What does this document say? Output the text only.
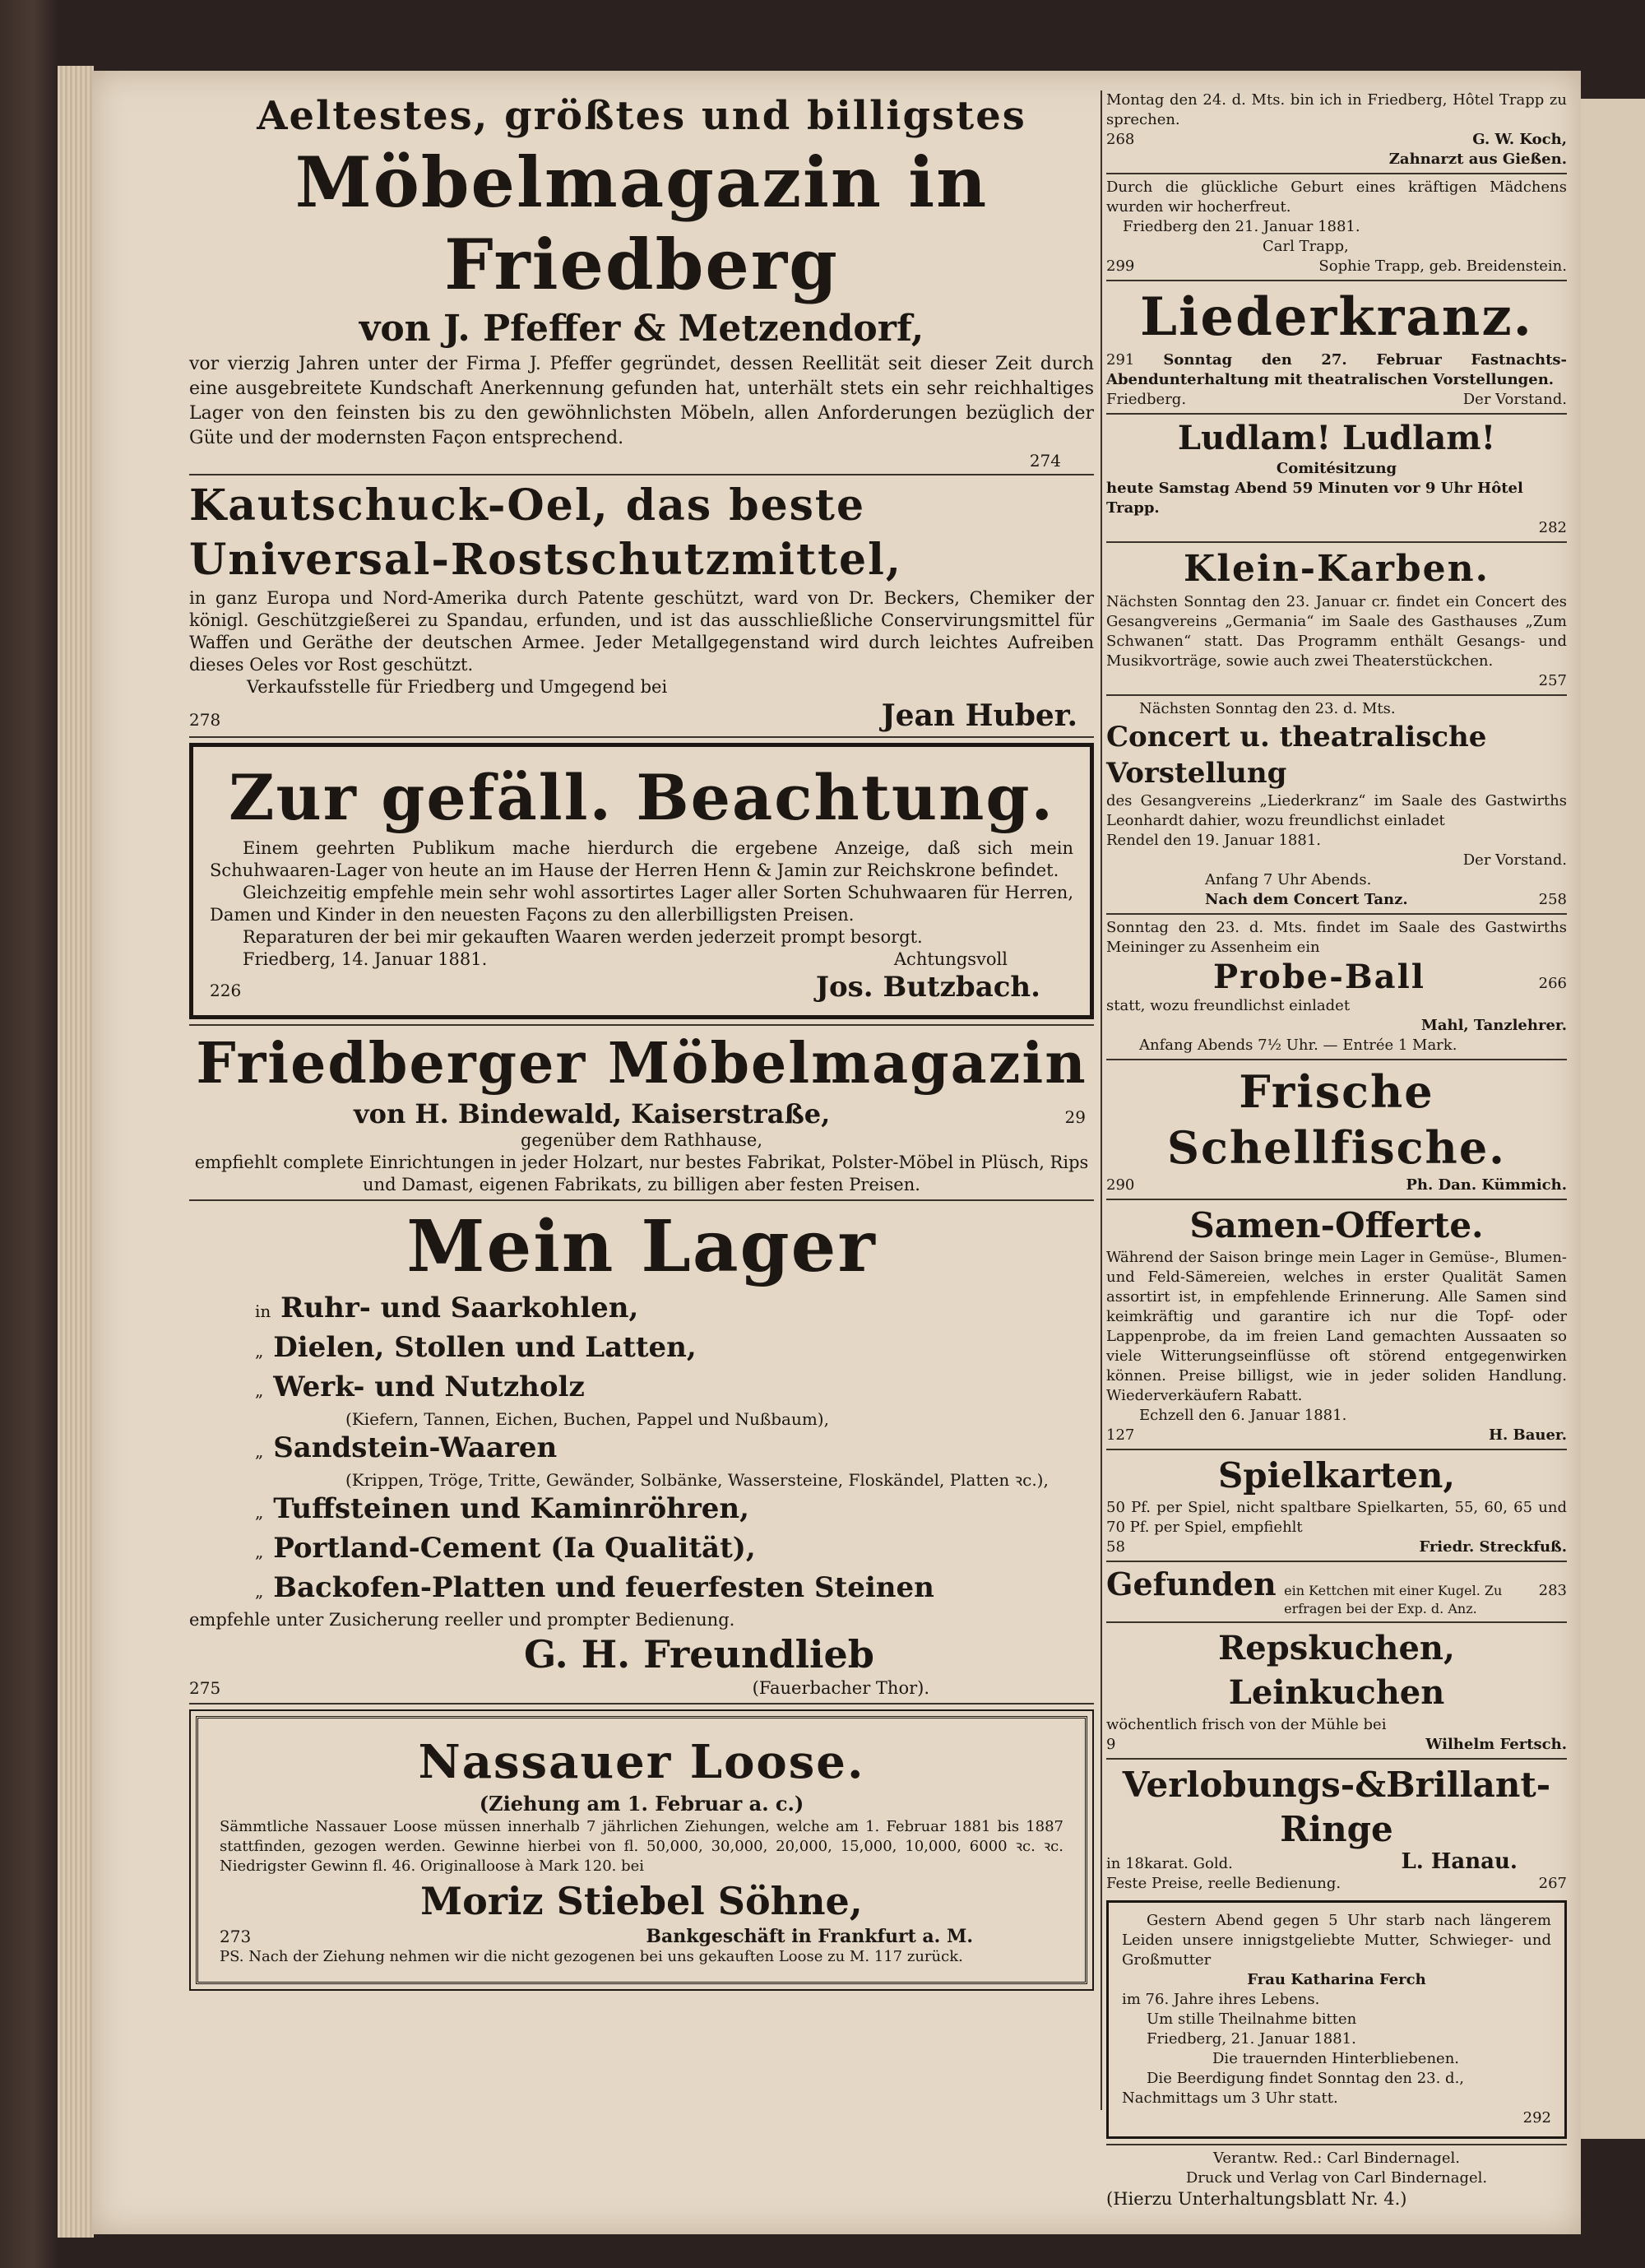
Aeltestes, größtes und billigstes
Möbelmagazin in Friedberg
von J. Pfeffer & Metzendorf,
vor vierzig Jahren unter der Firma J. Pfeffer gegründet, dessen Reellität seit dieser Zeit durch eine ausgebreitete Kundschaft Anerkennung gefunden hat, unterhält stets ein sehr reichhaltiges Lager von den feinsten bis zu den gewöhnlichsten Möbeln, allen Anforderungen bezüglich der Güte und der modernsten Façon entsprechend.
274
Kautschuck-Oel, das beste Universal-Rostschutzmittel,
in ganz Europa und Nord-Amerika durch Patente geschützt, ward von Dr. Beckers, Chemiker der königl. Geschützgießerei zu Spandau, erfunden, und ist das ausschließliche Conservirungsmittel für Waffen und Geräthe der deutschen Armee. Jeder Metallgegenstand wird durch leichtes Aufreiben dieses Oeles vor Rost geschützt.
Verkaufsstelle für Friedberg und Umgegend bei
278	Jean Huber.
Zur gefäll. Beachtung.
Einem geehrten Publikum mache hierdurch die ergebene Anzeige, daß sich mein Schuhwaaren-Lager von heute an im Hause der Herren Henn & Jamin zur Reichskrone befindet.
Gleichzeitig empfehle mein sehr wohl assortirtes Lager aller Sorten Schuhwaaren für Herren, Damen und Kinder in den neuesten Façons zu den allerbilligsten Preisen.
Reparaturen der bei mir gekauften Waaren werden jederzeit prompt besorgt.
Friedberg, 14. Januar 1881.	Achtungsvoll
226	Jos. Butzbach.
Friedberger Möbelmagazin
von H. Bindewald, Kaiserstraße,	29
gegenüber dem Rathhause,
empfiehlt complete Einrichtungen in jeder Holzart, nur bestes Fabrikat, Polster-Möbel in Plüsch, Rips und Damast, eigenen Fabrikats, zu billigen aber festen Preisen.
Mein Lager
in Ruhr- und Saarkohlen,
„ Dielen, Stollen und Latten,
„ Werk- und Nutzholz
(Kiefern, Tannen, Eichen, Buchen, Pappel und Nußbaum),
„ Sandstein-Waaren
(Krippen, Tröge, Tritte, Gewänder, Solbänke, Wassersteine, Floskändel, Platten ꝛc.),
„ Tuffsteinen und Kaminröhren,
„ Portland-Cement (Ia Qualität),
„ Backofen-Platten und feuerfesten Steinen
empfehle unter Zusicherung reeller und prompter Bedienung.
G. H. Freundlieb
275	(Fauerbacher Thor).
Nassauer Loose.
(Ziehung am 1. Februar a. c.)
Sämmtliche Nassauer Loose müssen innerhalb 7 jährlichen Ziehungen, welche am 1. Februar 1881 bis 1887 stattfinden, gezogen werden. Gewinne hierbei von fl. 50,000, 30,000, 20,000, 15,000, 10,000, 6000 ꝛc. ꝛc. Niedrigster Gewinn fl. 46. Originalloose à Mark 120. bei
Moriz Stiebel Söhne,
273	Bankgeschäft in Frankfurt a. M.
PS. Nach der Ziehung nehmen wir die nicht gezogenen bei uns gekauften Loose zu M. 117 zurück.
Montag den 24. d. Mts. bin ich in Friedberg, Hôtel Trapp zu sprechen.
268	G. W. Koch,
Zahnarzt aus Gießen.
Durch die glückliche Geburt eines kräftigen Mädchens wurden wir hocherfreut.
Friedberg den 21. Januar 1881.
Carl Trapp,
299	Sophie Trapp, geb. Breidenstein.
Liederkranz.
291 Sonntag den 27. Februar Fastnachts-Abendunterhaltung mit theatralischen Vorstellungen.
Friedberg.	Der Vorstand.
Ludlam! Ludlam!
Comitésitzung
heute Samstag Abend 59 Minuten vor 9 Uhr Hôtel Trapp.
282
Klein-Karben.
Nächsten Sonntag den 23. Januar cr. findet ein Concert des Gesangvereins „Germania“ im Saale des Gasthauses „Zum Schwanen“ statt. Das Programm enthält Gesangs- und Musikvorträge, sowie auch zwei Theaterstückchen.
257
Nächsten Sonntag den 23. d. Mts.
Concert u. theatralische Vorstellung
des Gesangvereins „Liederkranz“ im Saale des Gastwirths Leonhardt dahier, wozu freundlichst einladet
Rendel den 19. Januar 1881.
Der Vorstand.
Anfang 7 Uhr Abends.
Nach dem Concert Tanz.	258
Sonntag den 23. d. Mts. findet im Saale des Gastwirths Meininger zu Assenheim ein
Probe-Ball	266
statt, wozu freundlichst einladet
Mahl, Tanzlehrer.
Anfang Abends 7½ Uhr. — Entrée 1 Mark.
Frische Schellfische.
290	Ph. Dan. Kümmich.
Samen-Offerte.
Während der Saison bringe mein Lager in Gemüse-, Blumen- und Feld-Sämereien, welches in erster Qualität Samen assortirt ist, in empfehlende Erinnerung. Alle Samen sind keimkräftig und garantire ich nur die Topf- oder Lappenprobe, da im freien Land gemachten Aussaaten so viele Witterungseinflüsse oft störend entgegenwirken können. Preise billigst, wie in jeder soliden Handlung. Wiederverkäufern Rabatt.
Echzell den 6. Januar 1881.
127	H. Bauer.
Spielkarten,
50 Pf. per Spiel, nicht spaltbare Spielkarten, 55, 60, 65 und 70 Pf. per Spiel, empfiehlt
58	Friedr. Streckfuß.
Gefunden ein Kettchen mit einer Kugel. Zu erfragen bei der Exp. d. Anz.
283
Repskuchen,
Leinkuchen
wöchentlich frisch von der Mühle bei
9	Wilhelm Fertsch.
Verlobungs-&Brillant-
Ringe
in 18karat. Gold.	L. Hanau.
Feste Preise, reelle Bedienung.	267
Gestern Abend gegen 5 Uhr starb nach längerem Leiden unsere innigstgeliebte Mutter, Schwieger- und Großmutter
Frau Katharina Ferch
im 76. Jahre ihres Lebens.
Um stille Theilnahme bitten
Friedberg, 21. Januar 1881.
Die trauernden Hinterbliebenen.
Die Beerdigung findet Sonntag den 23. d., Nachmittags um 3 Uhr statt.
292
Verantw. Red.: Carl Bindernagel.
Druck und Verlag von Carl Bindernagel.
(Hierzu Unterhaltungsblatt Nr. 4.)
